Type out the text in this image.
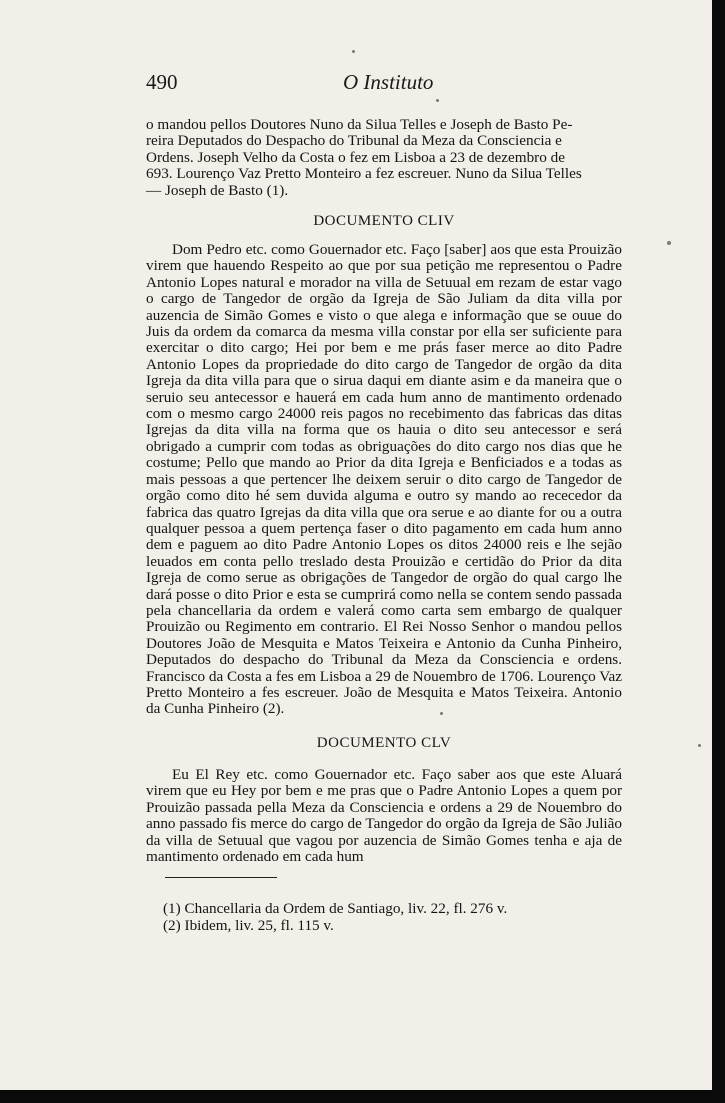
490	O Instituto

o mandou pellos Doutores Nuno da Silua Telles e Joseph de Basto Pe-
reira Deputados do Despacho do Tribunal da Meza da Consciencia e
Ordens. Joseph Velho da Costa o fez em Lisboa a 23 de dezembro de
693. Lourenço Vaz Pretto Monteiro a fez escreuer. Nuno da Silua Telles
— Joseph de Basto (1).

DOCUMENTO CLIV

Dom Pedro etc. como Gouernador etc. Faço [saber] aos que esta Prouizão virem que hauendo Respeito ao que por sua petição me representou o Padre Antonio Lopes natural e morador na villa de Setuual em rezam de estar vago o cargo de Tangedor de orgão da Igreja de São Juliam da dita villa por auzencia de Simão Gomes e visto o que alega e informação que se ouue do Juis da ordem da comarca da mesma villa constar por ella ser suficiente para exercitar o dito cargo; Hei por bem e me prás faser merce ao dito Padre Antonio Lopes da propriedade do dito cargo de Tangedor de orgão da dita Igreja da dita villa para que o sirua daqui em diante asim e da maneira que o seruio seu antecessor e hauerá em cada hum anno de mantimento ordenado com o mesmo cargo 24000 reis pagos no recebimento das fabricas das ditas Igrejas da dita villa na forma que os hauia o dito seu antecessor e será obrigado a cumprir com todas as obriguações do dito cargo nos dias que he costume; Pello que mando ao Prior da dita Igreja e Benficiados e a todas as mais pessoas a que pertencer lhe deixem seruir o dito cargo de Tangedor de orgão como dito hé sem duvida alguma e outro sy mando ao rececedor da fabrica das quatro Igrejas da dita villa que ora serue e ao diante for ou a outra qualquer pessoa a quem pertença faser o dito pagamento em cada hum anno dem e paguem ao dito Padre Antonio Lopes os ditos 24000 reis e lhe sejão leuados em conta pello treslado desta Prouizão e certidão do Prior da dita Igreja de como serue as obrigações de Tangedor de orgão do qual cargo lhe dará posse o dito Prior e esta se cumprirá como nella se contem sendo passada pela chancellaria da ordem e valerá como carta sem embargo de qualquer Prouizão ou Regimento em contrario. El Rei Nosso Senhor o mandou pellos Doutores João de Mesquita e Matos Teixeira e Antonio da Cunha Pinheiro, Deputados do despacho do Tribunal da Meza da Consciencia e ordens. Francisco da Costa a fes em Lisboa a 29 de Nouembro de 1706. Lourenço Vaz Pretto Monteiro a fes escreuer. João de Mesquita e Matos Teixeira. Antonio da Cunha Pinheiro (2).

DOCUMENTO CLV

Eu El Rey etc. como Gouernador etc. Faço saber aos que este Aluará virem que eu Hey por bem e me pras que o Padre Antonio Lopes a quem por Prouizão passada pella Meza da Consciencia e ordens a 29 de Nouembro do anno passado fis merce do cargo de Tangedor do orgão da Igreja de São Julião da villa de Setuual que vagou por auzencia de Simão Gomes tenha e aja de mantimento ordenado em cada hum

(1) Chancellaria da Ordem de Santiago, liv. 22, fl. 276 v.
(2) Ibidem, liv. 25, fl. 115 v.
